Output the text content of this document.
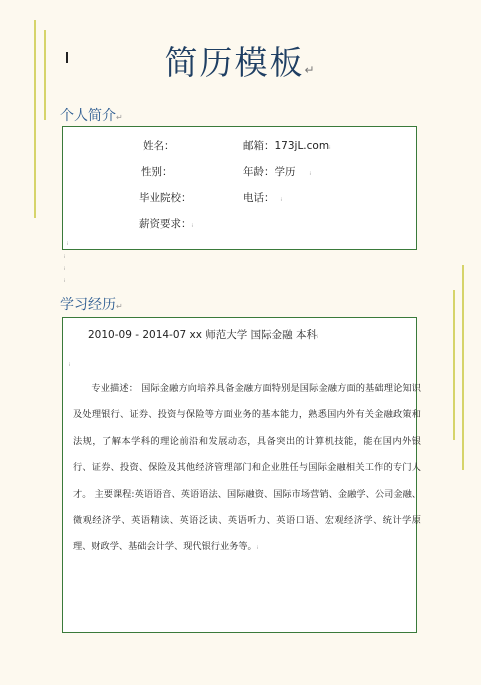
简历模板↵
个人简介↵
姓名：	邮箱：173jL.comᵢ
性别：	年龄：学历 ᵢ
毕业院校：	电话： ᵢ
薪资要求：ᵢ
ᵢ
ᵢ
ᵢ
ᵢ
学习经历↵
2010-09 - 2014-07 xx 师范大学 国际金融 本科ᵢ
ᵢ
专业描述： 国际金融方向培养具备金融方面特别是国际金融方面的基础理论知识及处理银行、证券、投资与保险等方面业务的基本能力，熟悉国内外有关金融政策和法规，了解本学科的理论前沿和发展动态，具备突出的计算机技能，能在国内外银行、证券、投资、保险及其他经济管理部门和企业胜任与国际金融相关工作的专门人才。 主要课程:英语语音、英语语法、国际融资、国际市场营销、金融学、公司金融、微观经济学、英语精读、英语泛读、英语听力、英语口语、宏观经济学、统计学原理、财政学、基础会计学、现代银行业务等。ᵢ
